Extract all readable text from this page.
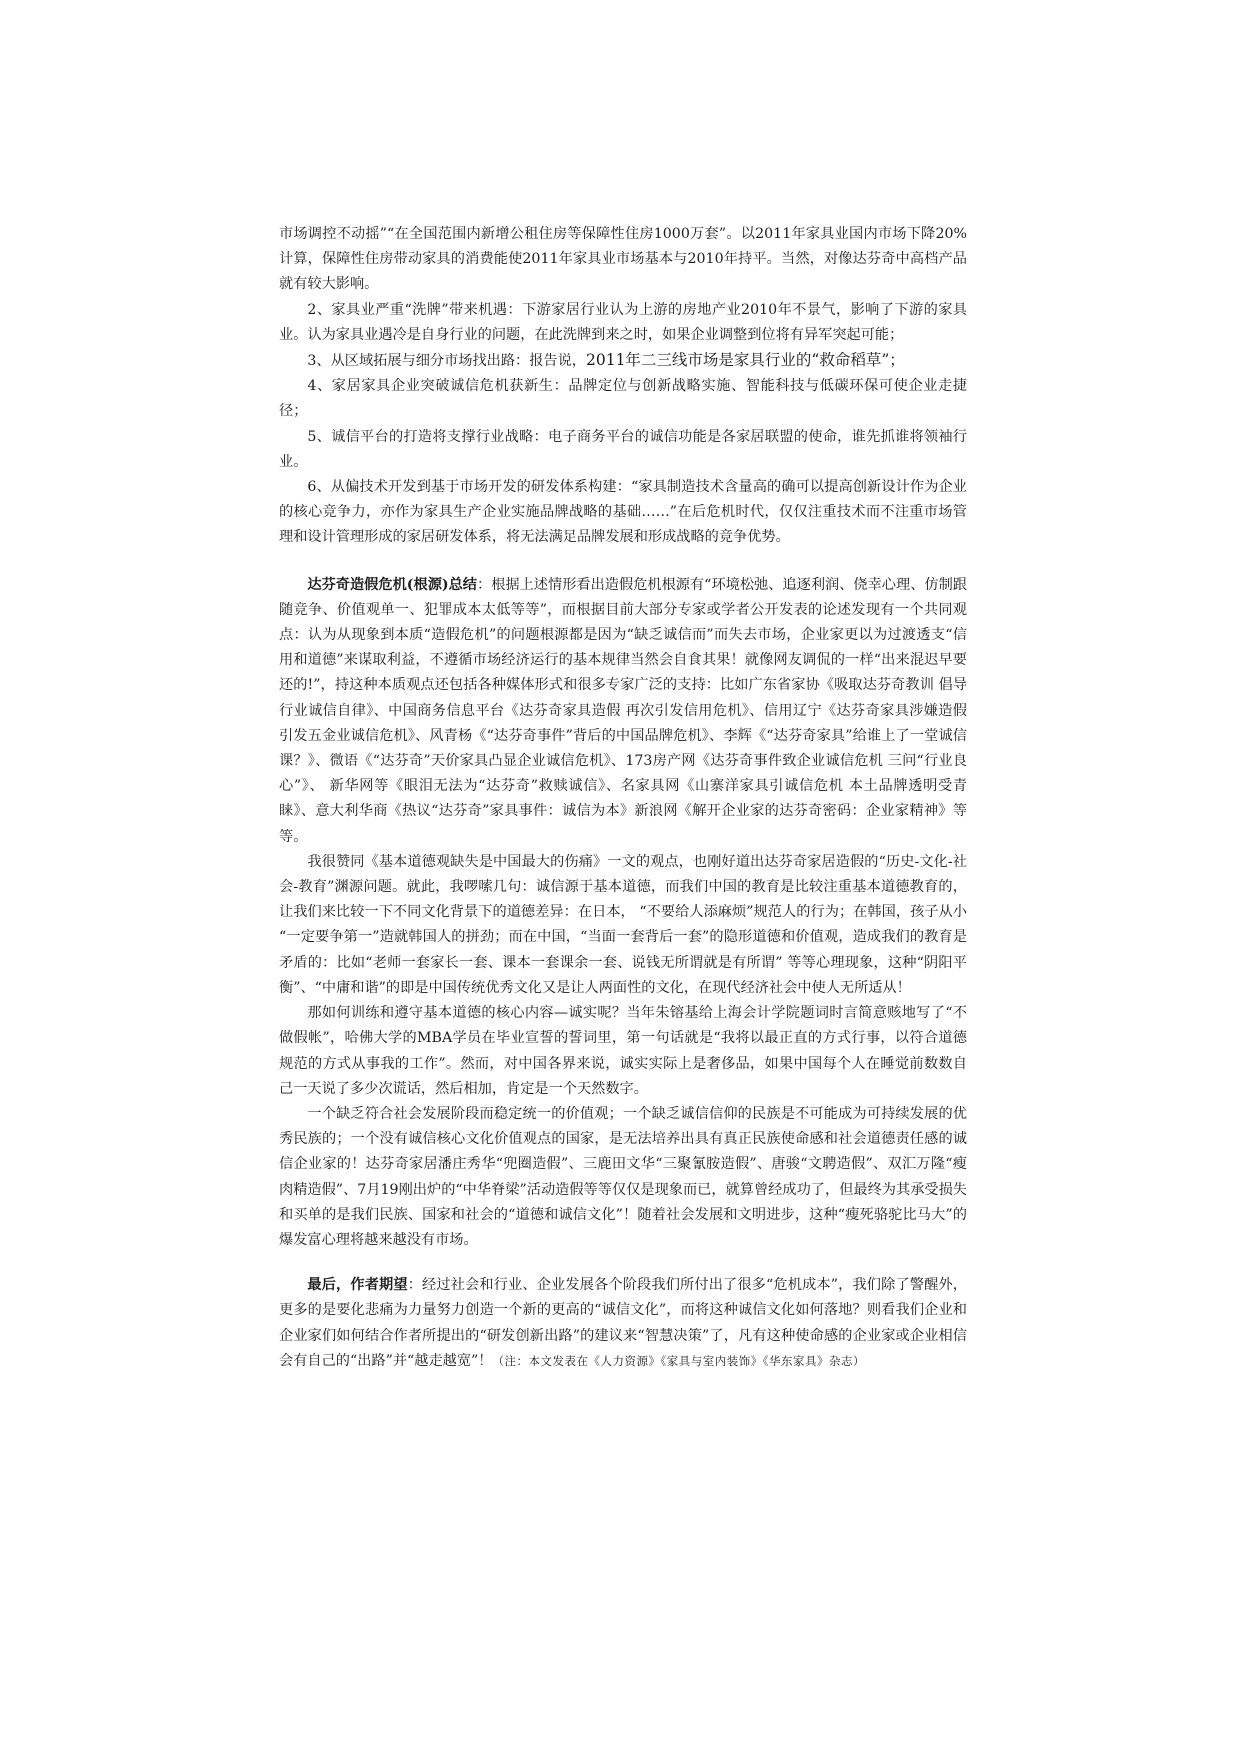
市场调控不动摇”“在全国范围内新增公租住房等保障性住房1000万套”。以2011年家具业国内市场下降20%计算，保障性住房带动家具的消费能使2011年家具业市场基本与2010年持平。当然，对像达芬奇中高档产品就有较大影响。

2、家具业严重“洗牌”带来机遇：下游家居行业认为上游的房地产业2010年不景气，影响了下游的家具业。认为家具业遇冷是自身行业的问题，在此洗牌到来之时，如果企业调整到位将有异军突起可能；

3、从区域拓展与细分市场找出路：报告说，2011年二三线市场是家具行业的“救命稻草”；

4、家居家具企业突破诚信危机获新生：品牌定位与创新战略实施、智能科技与低碳环保可使企业走捷径；

5、诚信平台的打造将支撑行业战略：电子商务平台的诚信功能是各家居联盟的使命，谁先抓谁将领袖行业。

6、从偏技术开发到基于市场开发的研发体系构建：“家具制造技术含量高的确可以提高创新设计作为企业的核心竞争力，亦作为家具生产企业实施品牌战略的基础……”在后危机时代，仅仅注重技术而不注重市场管理和设计管理形成的家居研发体系，将无法满足品牌发展和形成战略的竞争优势。

达芬奇造假危机(根源)总结：根据上述情形看出造假危机根源有“环境松弛、追逐利润、侥幸心理、仿制跟随竞争、价值观单一、犯罪成本太低等等”，而根据目前大部分专家或学者公开发表的论述发现有一个共同观点：认为从现象到本质“造假危机”的问题根源都是因为“缺乏诚信而”而失去市场，企业家更以为过渡透支“信用和道德”来谋取利益，不遵循市场经济运行的基本规律当然会自食其果！就像网友调侃的一样“出来混迟早要还的!”，持这种本质观点还包括各种媒体形式和很多专家广泛的支持：比如广东省家协《吸取达芬奇教训 倡导行业诚信自律》、中国商务信息平台《达芬奇家具造假 再次引发信用危机》、信用辽宁《达芬奇家具涉嫌造假 引发五金业诚信危机》、风青杨《“达芬奇事件”背后的中国品牌危机》、李辉《“达芬奇家具”给谁上了一堂诚信课？》、微语《“达芬奇”天价家具凸显企业诚信危机》、173房产网《达芬奇事件致企业诚信危机 三问“行业良心”》、 新华网等《眼泪无法为“达芬奇”救赎诚信》、名家具网《山寨洋家具引诚信危机 本土品牌透明受青睐》、意大利华商《热议“达芬奇”家具事件：诚信为本》新浪网《解开企业家的达芬奇密码：企业家精神》等等。

我很赞同《基本道德观缺失是中国最大的伤痛》一文的观点，也刚好道出达芬奇家居造假的“历史-文化-社会-教育”渊源问题。就此，我啰嗦几句：诚信源于基本道德，而我们中国的教育是比较注重基本道德教育的，让我们来比较一下不同文化背景下的道德差异：在日本， “不要给人添麻烦”规范人的行为；在韩国，孩子从小 “一定要争第一”造就韩国人的拼劲；而在中国，“当面一套背后一套”的隐形道德和价值观，造成我们的教育是矛盾的：比如“老师一套家长一套、课本一套课余一套、说钱无所谓就是有所谓” 等等心理现象，这种“阴阳平衡”、“中庸和谐”的即是中国传统优秀文化又是让人两面性的文化，在现代经济社会中使人无所适从！

那如何训练和遵守基本道德的核心内容—诚实呢？当年朱镕基给上海会计学院题词时言简意赅地写了“不做假帐”，哈佛大学的MBA学员在毕业宣誓的誓词里，第一句话就是“我将以最正直的方式行事，以符合道德规范的方式从事我的工作”。然而，对中国各界来说，诚实实际上是奢侈品，如果中国每个人在睡觉前数数自己一天说了多少次谎话，然后相加，肯定是一个天然数字。

一个缺乏符合社会发展阶段而稳定统一的价值观；一个缺乏诚信信仰的民族是不可能成为可持续发展的优秀民族的；一个没有诚信核心文化价值观点的国家，是无法培养出具有真正民族使命感和社会道德责任感的诚信企业家的！达芬奇家居潘庄秀华“兜圈造假”、三鹿田文华“三聚氰胺造假”、唐骏“文聘造假”、双汇万隆“瘦肉精造假”、7月19刚出炉的“中华脊梁”活动造假等等仅仅是现象而已，就算曾经成功了，但最终为其承受损失和买单的是我们民族、国家和社会的“道德和诚信文化”！随着社会发展和文明进步，这种“瘦死骆驼比马大”的爆发富心理将越来越没有市场。

最后，作者期望：经过社会和行业、企业发展各个阶段我们所付出了很多“危机成本”，我们除了警醒外，更多的是要化悲痛为力量努力创造一个新的更高的“诚信文化”，而将这种诚信文化如何落地？则看我们企业和企业家们如何结合作者所提出的“研发创新出路”的建议来“智慧决策”了，凡有这种使命感的企业家或企业相信会有自己的“出路”并“越走越宽”！（注：本文发表在《人力资源》《家具与室内装饰》《华东家具》杂志）
